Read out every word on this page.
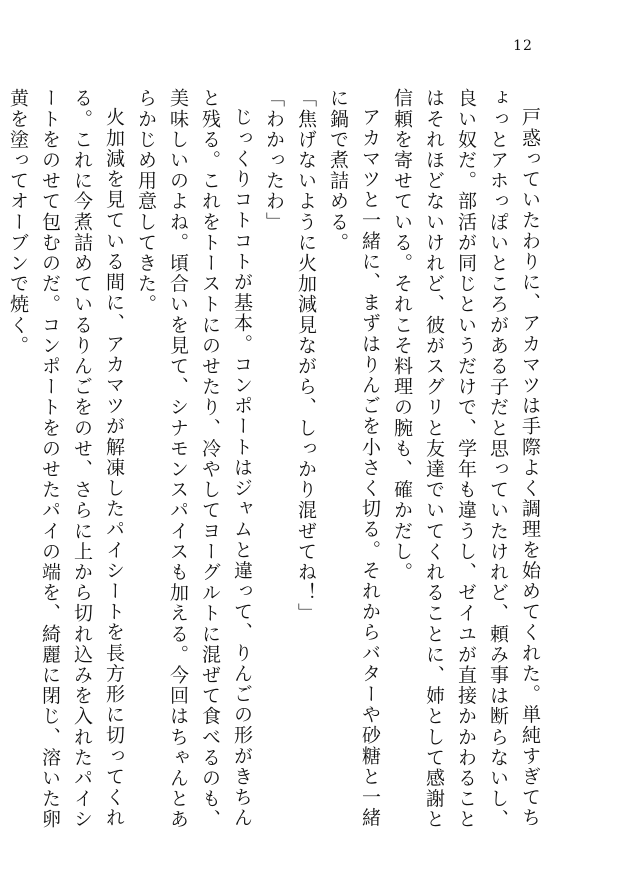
12

戸惑っていたわりに、アカマツは手際よく調理を始めてくれた。単純すぎてちょっとアホっぽいところがある子だと思っていたけれど、頼み事は断らないし、良い奴だ。部活が同じというだけで、学年も違うし、ゼイユが直接かかわることはそれほどないけれど、彼がスグリと友達でいてくれることに、姉として感謝と信頼を寄せている。それこそ料理の腕も、確かだし。

アカマツと一緒に、まずはりんごを小さく切る。それからバターや砂糖と一緒に鍋で煮詰める。

「焦げないように火加減見ながら、しっかり混ぜてね！」

「わかったわ」

じっくりコトコトが基本。コンポートはジャムと違って、りんごの形がきちんと残る。これをトーストにのせたり、冷やしてヨーグルトに混ぜて食べるのも、美味しいのよね。頃合いを見て、シナモンスパイスも加える。今回はちゃんとあらかじめ用意してきた。

火加減を見ている間に、アカマツが解凍したパイシートを長方形に切ってくれる。これに今煮詰めているりんごをのせ、さらに上から切れ込みを入れたパイシートをのせて包むのだ。コンポートをのせたパイの端を、綺麗に閉じ、溶いた卵黄を塗ってオーブンで焼く。
